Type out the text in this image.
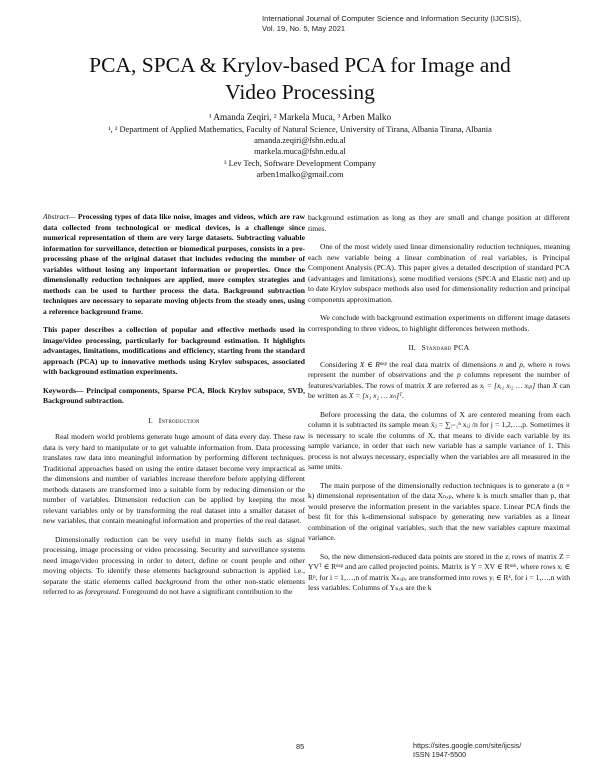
International Journal of Computer Science and Information Security (IJCSIS),
Vol. 19, No. 5, May 2021
PCA, SPCA & Krylov-based PCA for Image and
Video Processing
¹ Amanda Zeqiri, ² Markela Muca, ³ Arben Malko
¹, ² Department of Applied Mathematics, Faculty of Natural Science, University of Tirana, Albania Tirana, Albania
amanda.zeqiri@fshn.edu.al
markela.muca@fshn.edu.al
³ Lev Tech, Software Development Company
arben1malko@gmail.com

Abstract— Processing types of data like noise, images and videos, which are raw data collected from technological or medical devices, is a challenge since numerical representation of them are very large datasets. Subtracting valuable information for surveillance, detection or biomedical purposes, consists in a pre-processing phase of the original dataset that includes reducing the number of variables without losing any important information or properties. Once the dimensionally reduction techniques are applied, more complex strategies and methods can be used to further process the data. Background subtraction techniques are necessary to separate moving objects from the steady ones, using a reference background frame.

This paper describes a collection of popular and effective methods used in image/video processing, particularly for background estimation. It highlights advantages, limitations, modifications and efficiency, starting from the standard approach (PCA) up to innovative methods using Krylov subspaces, associated with background estimation experiments.

Keywords— Principal components, Sparse PCA, Block Krylov subspace, SVD, Background subtraction.

I. Introduction

Real modern world problems generate huge amount of data every day. These raw data is very hard to manipulate or to get valuable information from. Data processing translates raw data into meaningful information by performing different techniques. Traditional approaches based on using the entire dataset become very impractical as the dimensions and number of variables increase therefore before applying different methods datasets are transformed into a suitable form by reducing dimension or the number of variables. Dimension reduction can be applied by keeping the most relevant variables only or by transforming the real dataset into a smaller dataset of new variables, that contain meaningful information and properties of the real dataset.

Dimensionally reduction can be very useful in many fields such as signal processing, image processing or video processing. Security and surveillance systems need image/video processing in order to detect, define or count people and other moving objects. To identify these elements background subtraction is applied i.e., separate the static elements called background from the other non-static elements referred to as foreground. Foreground do not have a significant contribution to the

background estimation as long as they are small and change position at different times.

One of the most widely used linear dimensionality reduction techniques, meaning each new variable being a linear combination of real variables, is Principal Component Analysis (PCA). This paper gives a detailed description of standard PCA (advantages and limitations), some modified versions (SPCA and Elastic net) and up to date Krylov subspace methods also used for dimensionality reduction and principal components approximation.

We conclude with background estimation experiments on different image datasets corresponding to three videos, to highlight differences between methods.

II. Standard PCA

Considering X ∈ Rⁿˣᵖ the real data matrix of dimensions n and p, where n rows represent the number of observations and the p columns represent the number of features/variables. The rows of matrix X are referred as xᵢ = [xᵢ₁ xᵢ₂ … xᵢₚ] than X can be written as X = [x₁ x₂ … xₙ]ᵀ.

Before processing the data, the columns of X are centered meaning from each column it is subtracted its sample mean x̄ⱼ = ∑ᵢ₌₁ⁿ xᵢⱼ /n for j = 1,2,…,p. Sometimes it is necessary to scale the columns of X, that means to divide each variable by its sample variance, in order that each new variable has a sample variance of 1. This process is not always necessary, especially when the variables are all measured in the same units.

The main purpose of the dimensionally reduction techniques is to generate a (n × k) dimensional representation of the data Xₙₓₚ, where k is much smaller than p, that would preserve the information present in the variables space. Linear PCA finds the best fit for this k-dimensional subspace by generating new variables as a linear combination of the original variables, such that the new variables capture maximal variance.

So, the new dimension-reduced data points are stored in the zᵢ rows of matrix Z = YVᵀ ∈ Rⁿˣᵖ and are called projected points. Matrix is Y = XV ∈ Rⁿˣᵏ, where rows xᵢ ∈ Rᵖ, for i = 1,…,n of matrix Xₙₓₚ, are transformed into rows yᵢ ∈ Rᵏ, for i = 1,…,n with less variables. Columns of Yₙₓₖ are the k

85	https://sites.google.com/site/ijcsis/
ISSN 1947-5500
